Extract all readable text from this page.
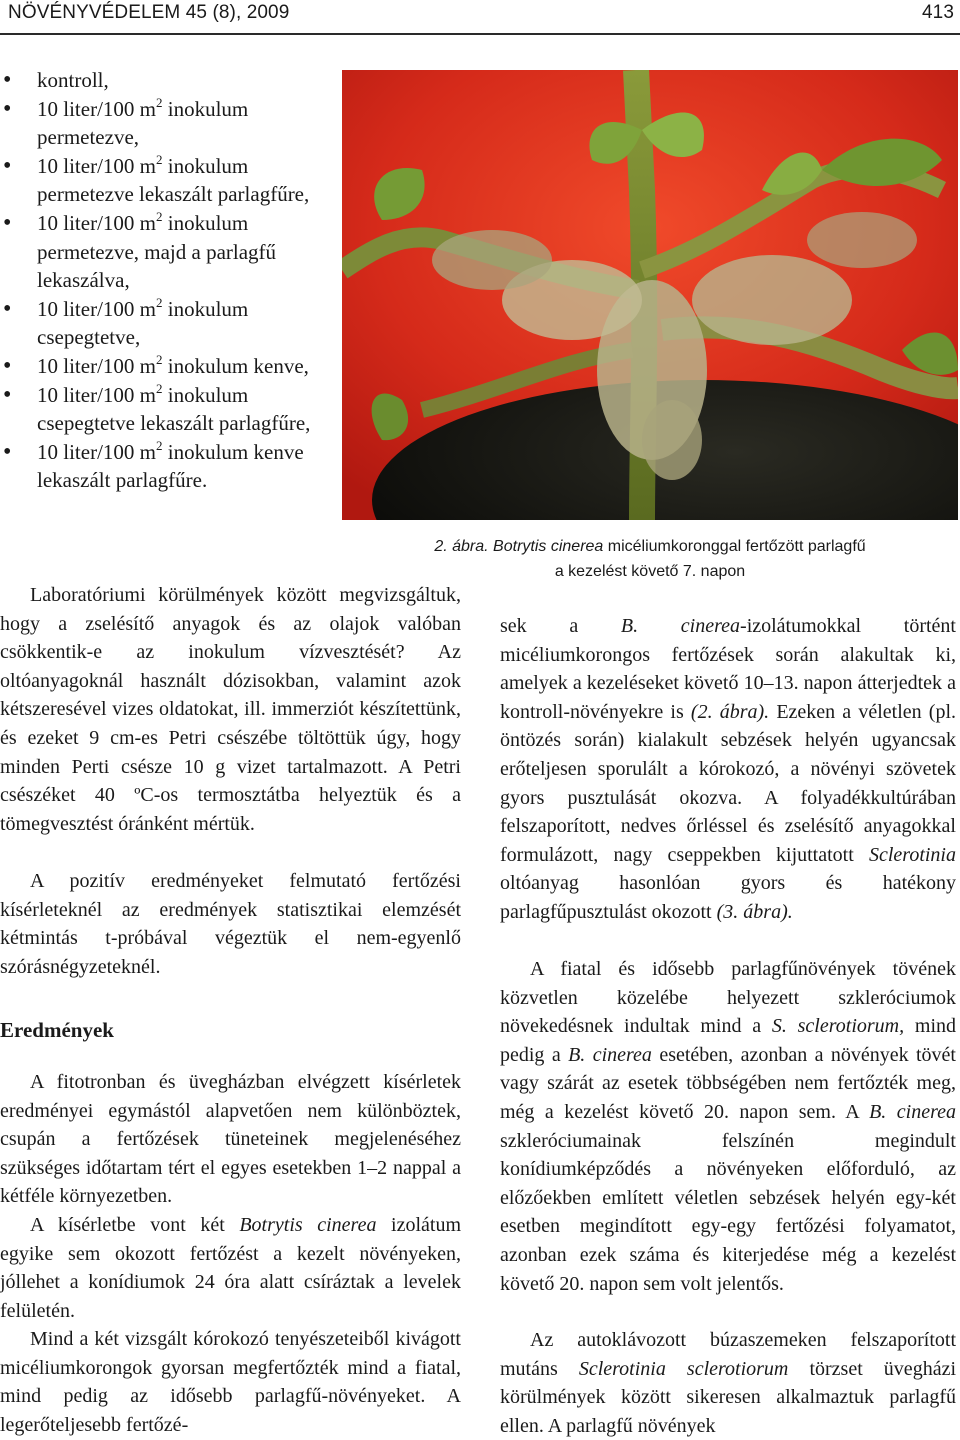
NÖVÉNYVÉDELEM 45 (8), 2009	413
• kontroll,
• 10 liter/100 $m^2$ inokulum permetezve,
• 10 liter/100 $m^2$ inokulum permetezve lekaszált parlagfűre,
• 10 liter/100 $m^2$ inokulum permetezve, majd a parlagfű lekaszálva,
• 10 liter/100 $m^2$ inokulum csepegtetve,
• 10 liter/100 $m^2$ inokulum kenve,
• 10 liter/100 $m^2$ inokulum csepegtetve lekaszált parlagfűre,
• 10 liter/100 $m^2$ inokulum kenve lekaszált parlagfűre.
2. ábra. Botrytis cinerea micéliumkoronggal fertőzött parlagfű
a kezelést követő 7. napon

Laboratóriumi körülmények között megvizsgáltuk, hogy a zselésítő anyagok és az olajok valóban csökkentik-e az inokulum vízvesztését? Az oltóanyagoknál használt dózisokban, valamint azok kétszeresével vizes oldatokat, ill. immerziót készítettünk, és ezeket 9 cm-es Petri csészébe töltöttük úgy, hogy minden Perti csésze 10 g vizet tartalmazott. A Petri csészéket 40 ºC-os termosztátba helyeztük és a tömegvesztést óránként mértük.

A pozitív eredményeket felmutató fertőzési kísérleteknél az eredmények statisztikai elemzését kétmintás t-próbával végeztük el nem-egyenlő szórásnégyzeteknél.

Eredmények

A fitotronban és üvegházban elvégzett kísérletek eredményei egymástól alapvetően nem különböztek, csupán a fertőzések tüneteinek megjelenéséhez szükséges időtartam tért el egyes esetekben 1–2 nappal a kétféle környezetben.

A kísérletbe vont két Botrytis cinerea izolátum egyike sem okozott fertőzést a kezelt növényeken, jóllehet a konídiumok 24 óra alatt csíráztak a levelek felületén.

Mind a két vizsgált kórokozó tenyészeteiből kivágott micéliumkorongok gyorsan megfertőzték mind a fiatal, mind pedig az idősebb parlagfű-növényeket. A legerőteljesebb fertőzé-

sek a B. cinerea-izolátumokkal történt micéliumkorongos fertőzések során alakultak ki, amelyek a kezeléseket követő 10–13. napon átterjedtek a kontroll-növényekre is (2. ábra). Ezeken a véletlen (pl. öntözés során) kialakult sebzések helyén ugyancsak erőteljesen sporulált a kórokozó, a növényi szövetek gyors pusztulását okozva. A folyadékkultúrában felszaporított, nedves őrléssel és zselésítő anyagokkal formulázott, nagy cseppekben kijuttatott Sclerotinia oltóanyag hasonlóan gyors és hatékony parlagfűpusztulást okozott (3. ábra).

A fiatal és idősebb parlagfűnövények tövének közvetlen közelébe helyezett szkleróciumok növekedésnek indultak mind a S. sclerotiorum, mind pedig a B. cinerea esetében, azonban a növények tövét vagy szárát az esetek többségében nem fertőzték meg, még a kezelést követő 20. napon sem. A B. cinerea szkleróciumainak felszínén megindult konídiumképződés a növényeken előforduló, az előzőekben említett véletlen sebzések helyén egy-két esetben megindított egy-egy fertőzési folyamatot, azonban ezek száma és kiterjedése még a kezelést követő 20. napon sem volt jelentős.

Az autoklávozott búzaszemeken felszaporított mutáns Sclerotinia sclerotiorum törzset üvegházi körülmények között sikeresen alkalmaztuk parlagfű ellen. A parlagfű növények
